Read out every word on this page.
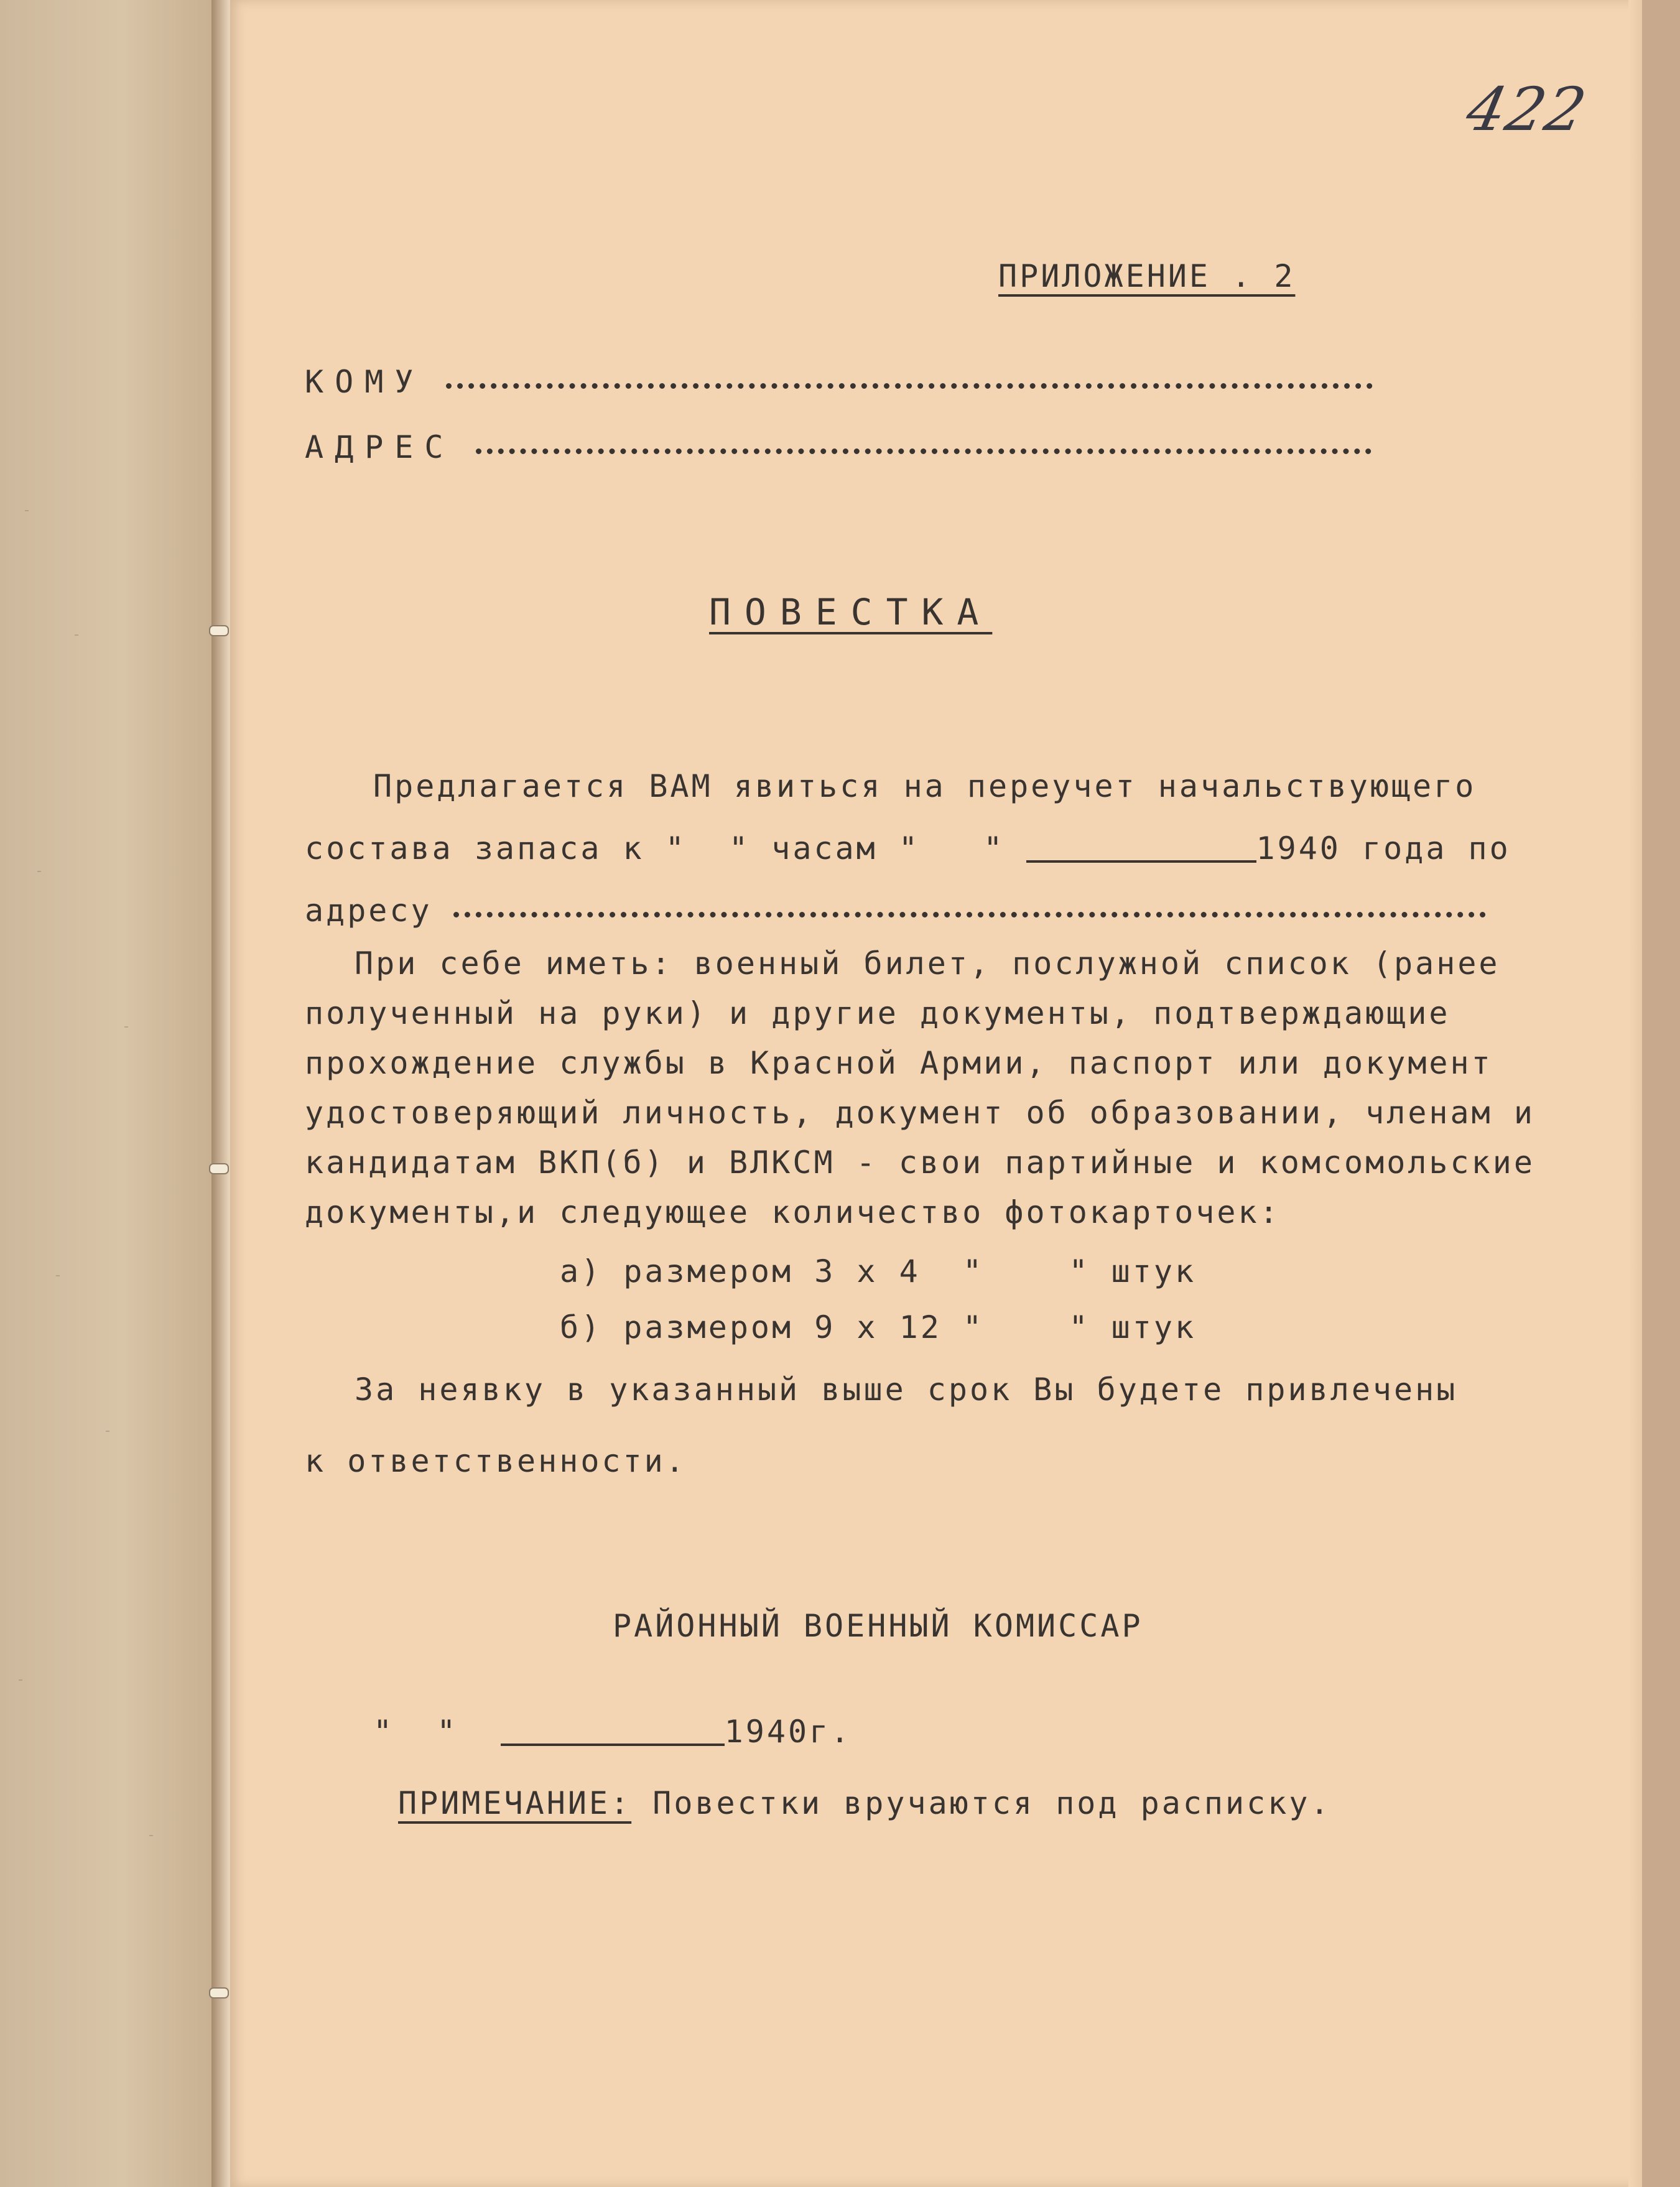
422
ПРИЛОЖЕНИЕ . 2
КОМУ
АДРЕС
ПОВЕСТКА
Предлагается ВАМ явиться на переучет начальствующего
состава запаса к "  " часам "   "	1940 года по
адресу
При себе иметь: военный билет, послужной список (ранее
полученный на руки) и другие документы, подтверждающие
прохождение службы в Красной Армии, паспорт или документ
удостоверяющий личность, документ об образовании, членам и
кандидатам ВКП(б) и ВЛКСМ - свои партийные и комсомольские
документы,и следующее количество фотокарточек:
а) размером 3 х 4  "    " штук
б) размером 9 х 12 "    " штук
За неявку в указанный выше срок Вы будете привлечены
к ответственности.
РАЙОННЫЙ ВОЕННЫЙ КОМИССАР
"  "	1940г.
ПРИМЕЧАНИЕ: Повестки вручаются под расписку.
